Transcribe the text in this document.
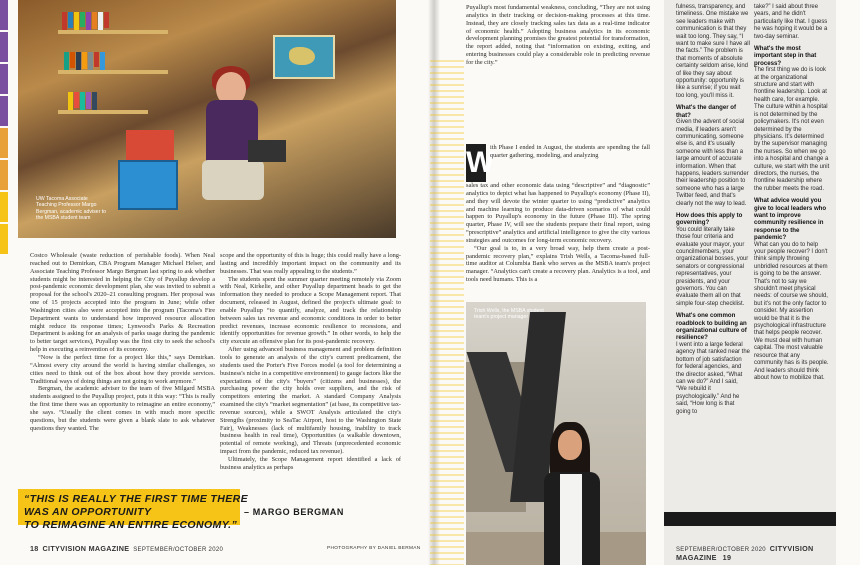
UW Tacoma Associate
Teaching Professor Margo
Bergman, academic adviser to
the MSBA student team

Costco Wholesale (waste reduction of perishable foods). When Neal reached out to Demirkan, CBA Program Manager Michael Helser, and Associate Teaching Professor Margo Bergman last spring to ask whether students might be interested in helping the City of Puyallup develop a post-pandemic economic development plan, she was invited to submit a proposal for the school's 2020–21 consulting program. Her proposal was one of 15 projects accepted into the program in June; while other Washington cities also were accepted into the program (Tacoma's Fire Department wants to understand how improved resource allocation might reduce its response times; Lynwood's Parks & Recreation Department is asking for an analysis of parks usage during the pandemic to better target services), Puyallup was the first city to seek the school's help in executing a reinvention of its economy.

“Now is the perfect time for a project like this,” says Demirkan. “Almost every city around the world is having similar challenges, so cities need to think out of the box about how they provide services. Traditional ways of doing things are not going to work anymore.”

Bergman, the academic adviser to the team of five Milgard MSBA students assigned to the Puyallup project, puts it this way: “This is really the first time there was an opportunity to reimagine an entire economy,” she says. “Usually the client comes in with much more specific questions, but the students were given a blank slate to ask whatever questions they wanted. The

scope and the opportunity of this is huge; this could really have a long-lasting and incredibly important impact on the community and its businesses. That was really appealing to the students.”

The students spent the summer quarter meeting remotely via Zoom with Neal, Kirkelie, and other Puyallup department heads to get the information they needed to produce a Scope Management report. That document, released in August, defined the project's ultimate goal: to enable Puyallup “to quantify, analyze, and track the relationship between sales tax revenue and economic conditions in order to better predict revenues, increase economic resilience to recessions, and identify opportunities for revenue growth.” In other words, to help the city execute an offensive plan for its post-pandemic recovery.

After using advanced business management and problem definition tools to generate an analysis of the city's current predicament, the students used the Porter's Five Forces model (a tool for determining a business's niche in a competitive environment) to gauge factors like the expectations of the city's “buyers” (citizens and businesses), the purchasing power the city holds over suppliers, and the risk of competitors entering the market. A standard Company Analysis examined the city's “market segmentation” (at base, its competitive tax-revenue sources), while a SWOT Analysis articulated the city's Strengths (proximity to SeaTac Airport, host to the Washington State Fair), Weaknesses (lack of multifamily housing, inability to track business health in real time), Opportunities (a walkable downtown, potential of remote working), and Threats (unprecedented economic impact from the pandemic, reduced tax revenue).

Ultimately, the Scope Management report identified a lack of business analytics as perhaps

“THIS IS REALLY THE FIRST TIME THERE WAS AN OPPORTUNITY
TO REIMAGINE AN ENTIRE ECONOMY.”
– MARGO BERGMAN
18 CITYVISION MAGAZINE SEPTEMBER/OCTOBER 2020	PHOTOGRAPHY BY DANIEL BERMAN

Puyallup's most fundamental weakness, concluding, “They are not using analytics in their tracking or decision-making processes at this time. Instead, they are closely tracking sales tax data as a real-time indicator of economic health.” Adopting business analytics in its economic development planning promises the greatest potential for transformation, the report added, noting that “information on existing, exiting, and entering businesses could play a considerable role in predicting revenue for the city.”

W

ith Phase I ended in August, the students are spending the fall quarter gathering, modeling, and analyzing

sales tax and other economic data using “descriptive” and “diagnostic” analytics to depict what has happened to Puyallup's economy (Phase II), and they will devote the winter quarter to using “predictive” analytics and machine learning to produce data-driven scenarios of what could happen to Puyallup's economy in the future (Phase III). The spring quarter, Phase IV, will see the students prepare their final report, using “prescriptive” analytics and artificial intelligence to give the city various strategies and outcomes for long-term economic recovery.

“Our goal is to, in a very broad way, help them create a post-pandemic recovery plan,” explains Trish Wells, a Tacoma-based full-time auditor at Columbia Bank who serves as the MSBA team's project manager. “Analytics can't create a recovery plan. Analytics is a tool, and tools need humans. This is a

Trish Wells, the MSBA student
team's project manager

fulness, transparency, and timeliness. One mistake we see leaders make with communication is that they wait too long. They say, “I want to make sure I have all the facts.” The problem is that moments of absolute certainty seldom arise, kind of like they say about opportunity: opportunity is like a sunrise; if you wait too long, you'll miss it.

What's the danger of that?

Given the advent of social media, if leaders aren't communicating, someone else is, and it's usually someone with less than a large amount of accurate information. When that happens, leaders surrender their leadership position to someone who has a large Twitter feed, and that's clearly not the way to lead.

How does this apply to governing?

You could literally take those four criteria and evaluate your mayor, your councilmembers, your organizational bosses, your senators or congressional representatives, your presidents, and your governors. You can evaluate them all on that simple four-step checklist.

What's one common roadblock to building an organizational culture of resilience?

I went into a large federal agency that ranked near the bottom of job satisfaction for federal agencies, and the director asked, “What can we do?” And I said, “We rebuild it psychologically.” And he said, “How long is that going to

take?” I said about three years, and he didn't particularly like that. I guess he was hoping it would be a two-day seminar.

What's the most important step in that process?

The first thing we do is look at the organizational structure and start with frontline leadership. Look at health care, for example. The culture within a hospital is not determined by the policymakers. It's not even determined by the physicians. It's determined by the supervisor managing the nurses. So when we go into a hospital and change a culture, we start with the unit directors, the nurses, the frontline leadership where the rubber meets the road.

What advice would you give to local leaders who want to improve community resilience in response to the pandemic?

What can you do to help your people recover? I don't think simply throwing unbridled resources at them is going to be the answer. That's not to say we shouldn't meet physical needs: of course we should, but it's not the only factor to consider. My assertion would be that it is the psychological infrastructure that helps people recover. We must deal with human capital. The most valuable resource that any community has is its people. And leaders should think about how to mobilize that.

SEPTEMBER/OCTOBER 2020 CITYVISION MAGAZINE 19
